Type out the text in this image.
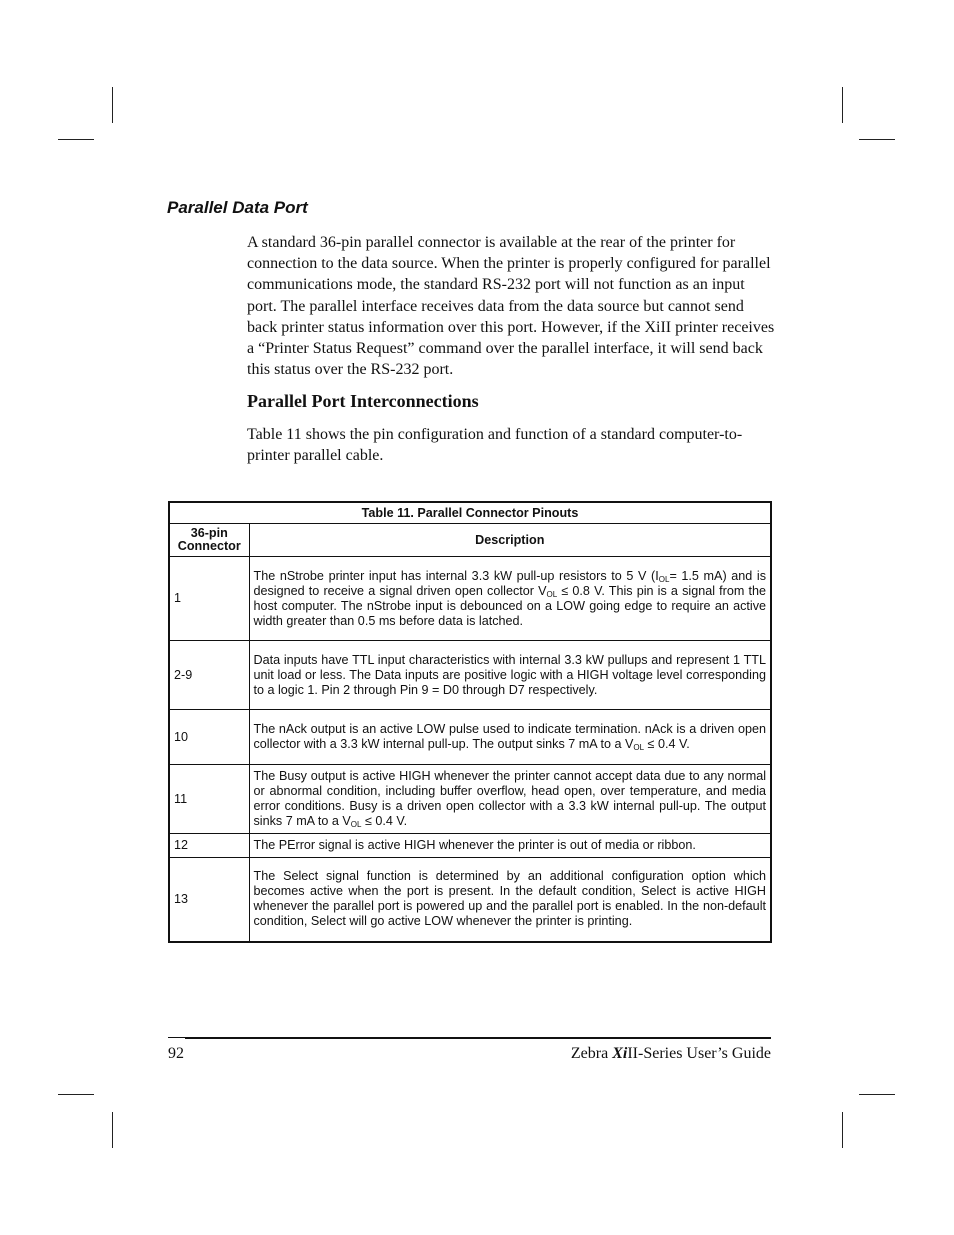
Parallel Data Port

A standard 36-pin parallel connector is available at the rear of the printer for connection to the data source. When the printer is properly configured for parallel communications mode, the standard RS-232 port will not function as an input port. The parallel interface receives data from the data source but cannot send back printer status information over this port. However, if the XiII printer receives a “Printer Status Request” command over the parallel interface, it will send back this status over the RS-232 port.

Parallel Port Interconnections

Table 11 shows the pin configuration and function of a standard computer-to-printer parallel cable.

Table 11. Parallel Connector Pinouts	
36-pin
Connector	Description
1	The nStrobe printer input has internal 3.3 kW pull-up resistors to 5 V ($I_{OL}= 1.5$ mA) and is designed to receive a signal driven open collector $V_{OL} \le 0.8$ V. This pin is a signal from the host computer. The nStrobe input is debounced on a LOW going edge to require an active width greater than 0.5 ms before data is latched.
2-9	Data inputs have TTL input characteristics with internal 3.3 kW pullups and represent 1 TTL unit load or less. The Data inputs are positive logic with a HIGH voltage level corresponding to a logic 1. Pin 2 through Pin 9 = D0 through D7 respectively.
10	The nAck output is an active LOW pulse used to indicate termination. nAck is a driven open collector with a 3.3 kW internal pull-up. The output sinks 7 mA to a $V_{OL} \le 0.4$ V.
11	The Busy output is active HIGH whenever the printer cannot accept data due to any normal or abnormal condition, including buffer overflow, head open, over temperature, and media error conditions. Busy is a driven open collector with a 3.3 kW internal pull-up. The output sinks 7 mA to a $V_{OL} \le 0.4$ V.
12	The PError signal is active HIGH whenever the printer is out of media or ribbon.
13	The Select signal function is determined by an additional configuration option which becomes active when the port is present. In the default condition, Select is active HIGH whenever the parallel port is powered up and the parallel port is enabled. In the non-default condition, Select will go active LOW whenever the printer is printing.
92	Zebra XiII-Series User’s Guide
